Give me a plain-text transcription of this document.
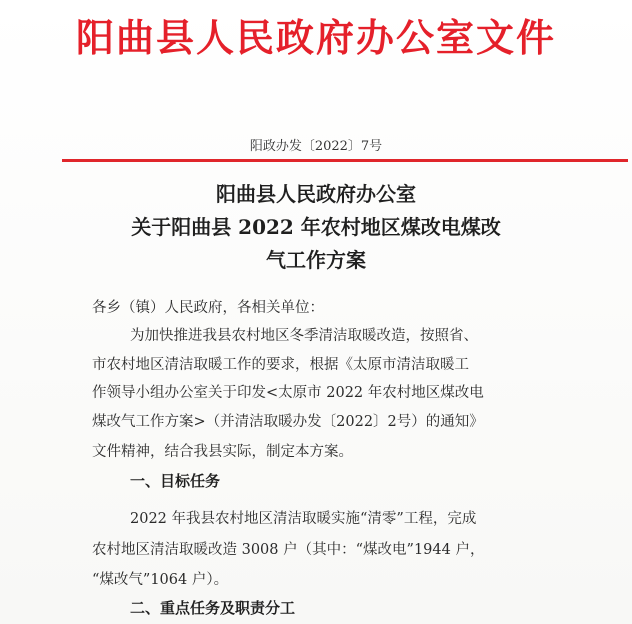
阳曲县人民政府办公室文件
阳政办发〔2022〕7号
阳曲县人民政府办公室
关于阳曲县 2022 年农村地区煤改电煤改
气工作方案
各乡（镇）人民政府，各相关单位：
为加快推进我县农村地区冬季清洁取暖改造，按照省、
市农村地区清洁取暖工作的要求，根据《太原市清洁取暖工
作领导小组办公室关于印发<太原市 2022 年农村地区煤改电
煤改气工作方案>（并清洁取暖办发〔2022〕2号）的通知》
文件精神，结合我县实际，制定本方案。
一、目标任务
2022 年我县农村地区清洁取暖实施“清零”工程，完成
农村地区清洁取暖改造 3008 户（其中：“煤改电”1944 户，
“煤改气”1064 户）。
二、重点任务及职责分工
